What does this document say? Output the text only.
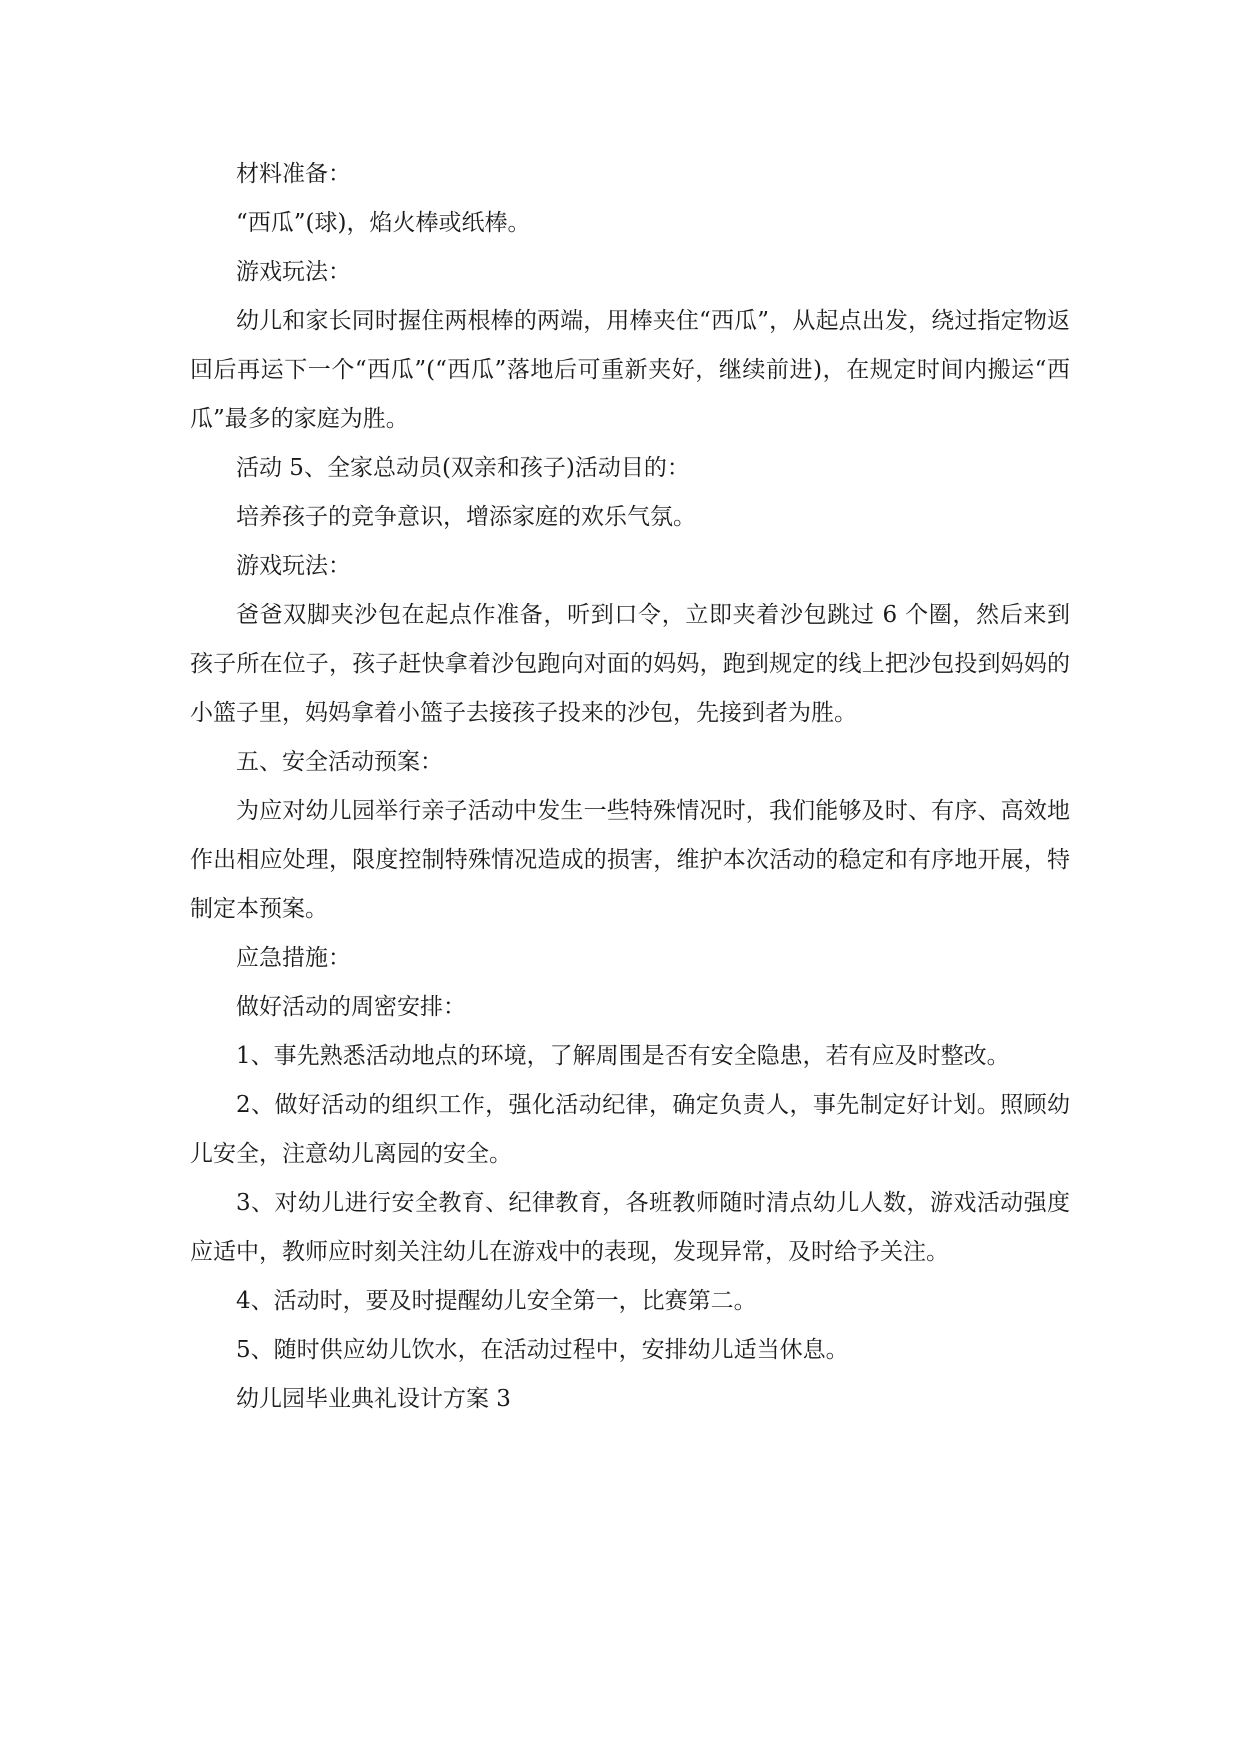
材料准备：

“西瓜”(球)，焰火棒或纸棒。

游戏玩法：

幼儿和家长同时握住两根棒的两端，用棒夹住“西瓜”，从起点出发，绕过指定物返回后再运下一个“西瓜”(“西瓜”落地后可重新夹好，继续前进)，在规定时间内搬运“西瓜”最多的家庭为胜。

活动 5、全家总动员(双亲和孩子)活动目的：

培养孩子的竞争意识，增添家庭的欢乐气氛。

游戏玩法：

爸爸双脚夹沙包在起点作准备，听到口令，立即夹着沙包跳过 6 个圈，然后来到孩子所在位子，孩子赶快拿着沙包跑向对面的妈妈，跑到规定的线上把沙包投到妈妈的小篮子里，妈妈拿着小篮子去接孩子投来的沙包，先接到者为胜。

五、安全活动预案：

为应对幼儿园举行亲子活动中发生一些特殊情况时，我们能够及时、有序、高效地作出相应处理，限度控制特殊情况造成的损害，维护本次活动的稳定和有序地开展，特制定本预案。

应急措施：

做好活动的周密安排：

1、事先熟悉活动地点的环境，了解周围是否有安全隐患，若有应及时整改。

2、做好活动的组织工作，强化活动纪律，确定负责人，事先制定好计划。照顾幼儿安全，注意幼儿离园的安全。

3、对幼儿进行安全教育、纪律教育，各班教师随时清点幼儿人数，游戏活动强度应适中，教师应时刻关注幼儿在游戏中的表现，发现异常，及时给予关注。

4、活动时，要及时提醒幼儿安全第一，比赛第二。

5、随时供应幼儿饮水，在活动过程中，安排幼儿适当休息。

幼儿园毕业典礼设计方案 3
